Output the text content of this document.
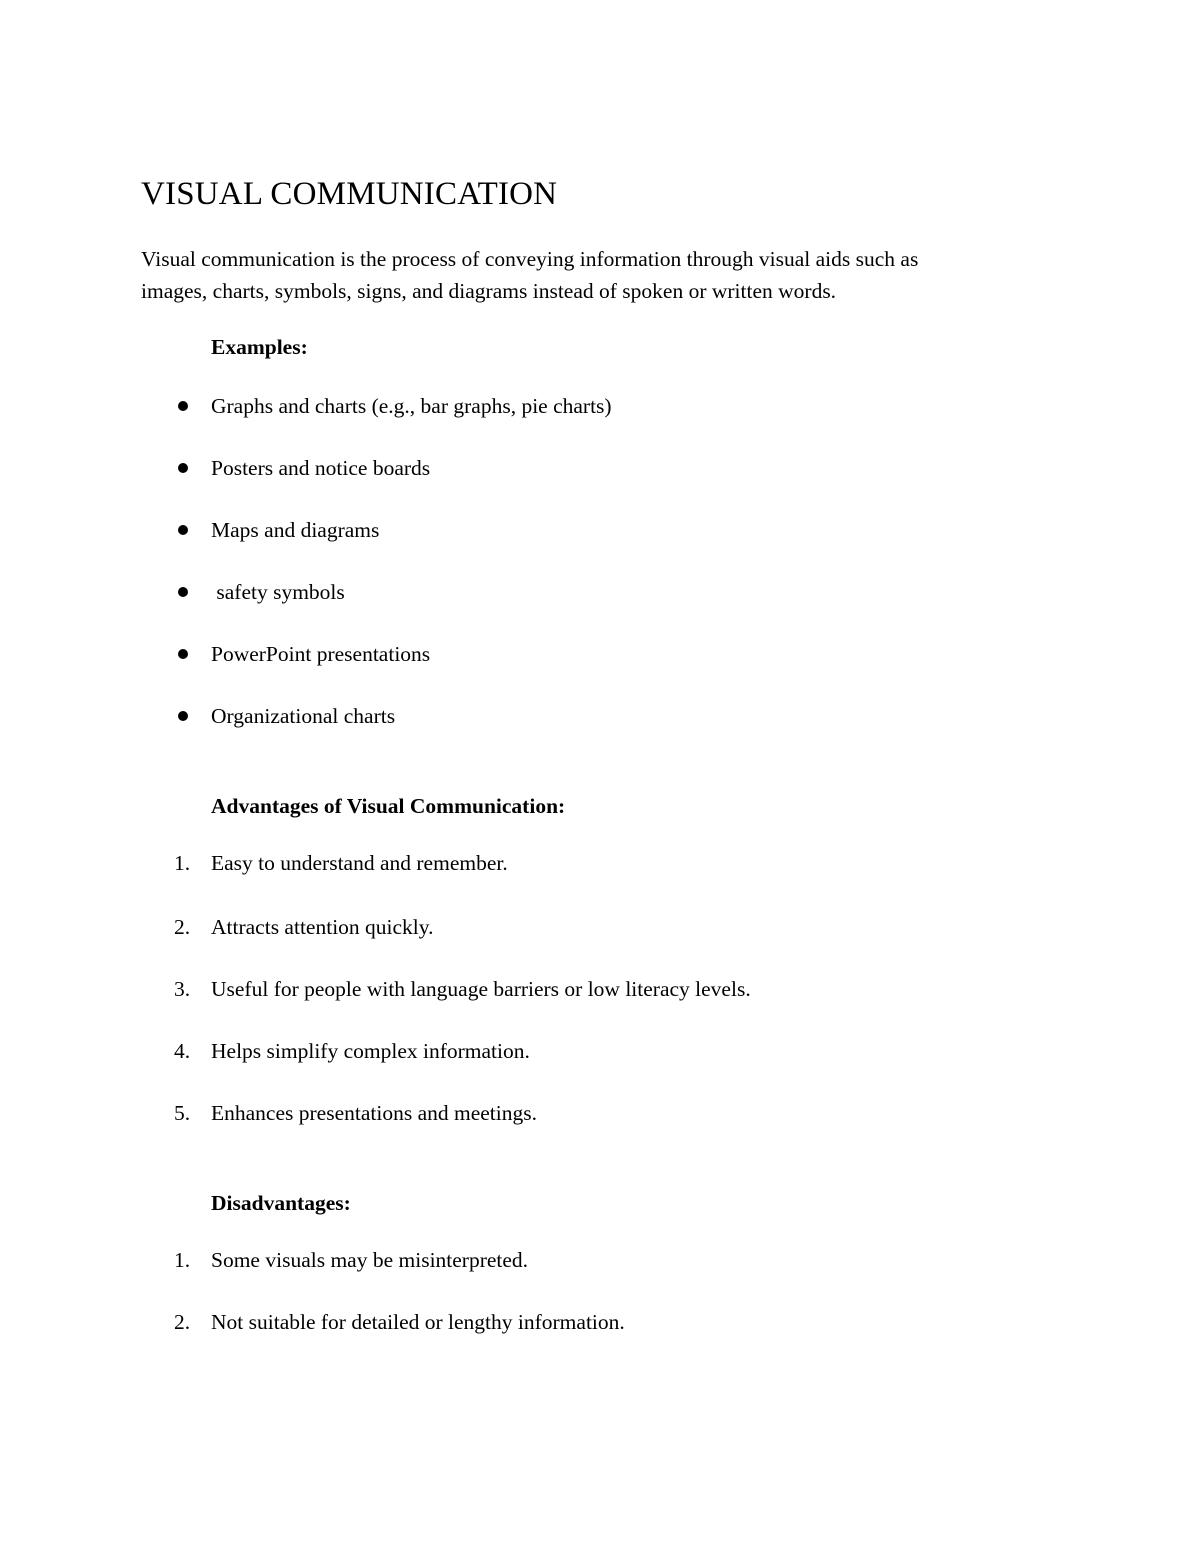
VISUAL COMMUNICATION

Visual communication is the process of conveying information through visual aids such as
images, charts, symbols, signs, and diagrams instead of spoken or written words.

Examples:
Graphs and charts (e.g., bar graphs, pie charts)
Posters and notice boards
Maps and diagrams
safety symbols
PowerPoint presentations
Organizational charts
Advantages of Visual Communication:
1. Easy to understand and remember.
2. Attracts attention quickly.
3. Useful for people with language barriers or low literacy levels.
4. Helps simplify complex information.
5. Enhances presentations and meetings.
Disadvantages:
1. Some visuals may be misinterpreted.
2. Not suitable for detailed or lengthy information.
